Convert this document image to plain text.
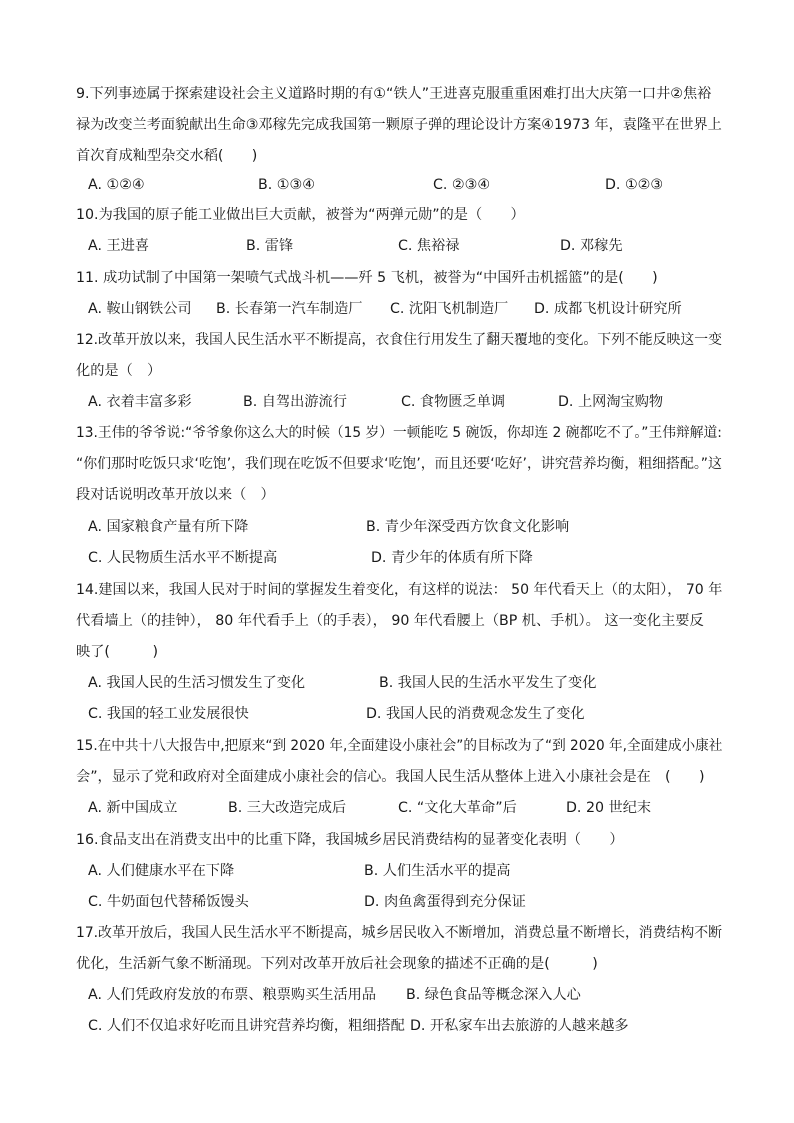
9.下列事迹属于探索建设社会主义道路时期的有①“铁人”王进喜克服重重困难打出大庆第一口井②焦裕

禄为改变兰考面貌献出生命③邓稼先完成我国第一颗原子弹的理论设计方案④1973 年，袁隆平在世界上

首次育成籼型杂交水稻(　　)

A. ①②④	B. ①③④	C. ②③④	D. ①②③

10.为我国的原子能工业做出巨大贡献，被誉为“两弹元勋”的是（　　）

A. 王进喜	B. 雷锋	C. 焦裕禄	D. 邓稼先

11. 成功试制了中国第一架喷气式战斗机——歼 5 飞机，被誉为“中国歼击机摇篮”的是(　　)

A. 鞍山钢铁公司 B. 长春第一汽车制造厂 C. 沈阳飞机制造厂 D. 成都飞机设计研究所

12.改革开放以来，我国人民生活水平不断提高，衣食住行用发生了翻天覆地的变化。下列不能反映这一变

化的是（　）

A. 衣着丰富多彩	B. 自驾出游流行	C. 食物匮乏单调	D. 上网淘宝购物

13.王伟的爷爷说:“爷爷象你这么大的时候（15 岁）一顿能吃 5 碗饭，你却连 2 碗都吃不了。”王伟辩解道:

“你们那时吃饭只求‘吃饱’，我们现在吃饭不但要求‘吃饱’，而且还要‘吃好’，讲究营养均衡，粗细搭配。”这

段对话说明改革开放以来（　）

A. 国家粮食产量有所下降	B. 青少年深受西方饮食文化影响
C. 人民物质生活水平不断提高	D. 青少年的体质有所下降

14.建国以来，我国人民对于时间的掌握发生着变化，有这样的说法： 50 年代看天上（的太阳）， 70 年

代看墙上（的挂钟）， 80 年代看手上（的手表）， 90 年代看腰上（BP 机、手机）。 这一变化主要反

映了(　　　)

A. 我国人民的生活习惯发生了变化	B. 我国人民的生活水平发生了变化
C. 我国的轻工业发展很快	D. 我国人民的消费观念发生了变化

15.在中共十八大报告中,把原来“到 2020 年,全面建设小康社会”的目标改为了“到 2020 年,全面建成小康社

会”，显示了党和政府对全面建成小康社会的信心。我国人民生活从整体上进入小康社会是在　(　　)

A. 新中国成立	B. 三大改造完成后	C. “文化大革命”后	D. 20 世纪末

16.食品支出在消费支出中的比重下降，我国城乡居民消费结构的显著变化表明（　　）

A. 人们健康水平在下降	B. 人们生活水平的提高
C. 牛奶面包代替稀饭馒头	D. 肉鱼禽蛋得到充分保证

17.改革开放后，我国人民生活水平不断提高，城乡居民收入不断增加，消费总量不断增长，消费结构不断

优化，生活新气象不断涌现。下列对改革开放后社会现象的描述不正确的是(　　　)

A. 人们凭政府发放的布票、粮票购买生活用品 B. 绿色食品等概念深入人心
C. 人们不仅追求好吃而且讲究营养均衡，粗细搭配 D. 开私家车出去旅游的人越来越多
